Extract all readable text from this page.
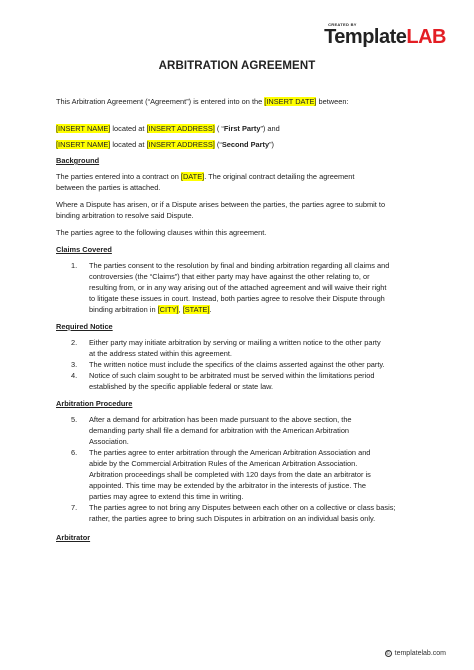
CREATED BY
TemplateLAB
ARBITRATION AGREEMENT

This Arbitration Agreement (“Agreement”) is entered into on the [INSERT DATE] between:

[INSERT NAME] located at [INSERT ADDRESS] ( “First Party”) and

[INSERT NAME] located at [INSERT ADDRESS] (“Second Party”)

Background

The parties entered into a contract on [DATE]. The original contract detailing the agreement
between the parties is attached.

Where a Dispute has arisen, or if a Dispute arises between the parties, the parties agree to submit to
binding arbitration to resolve said Dispute.

The parties agree to the following clauses within this agreement.

Claims Covered

1. The parties consent to the resolution by final and binding arbitration regarding all claims and
controversies (the “Claims”) that either party may have against the other relating to, or
resulting from, or in any way arising out of the attached agreement and will waive their right
to litigate these issues in court. Instead, both parties agree to resolve their Dispute through
binding arbitration in [CITY], [STATE].

Required Notice

2. Either party may initiate arbitration by serving or mailing a written notice to the other party
at the address stated within this agreement.
3. The written notice must include the specifics of the claims asserted against the other party.
4. Notice of such claim sought to be arbitrated must be served within the limitations period
established by the specific appliable federal or state law.

Arbitration Procedure

5. After a demand for arbitration has been made pursuant to the above section, the
demanding party shall file a demand for arbitration with the American Arbitration
Association.
6. The parties agree to enter arbitration through the American Arbitration Association and
abide by the Commercial Arbitration Rules of the American Arbitration Association.
Arbitration proceedings shall be completed with 120 days from the date an arbitrator is
appointed. This time may be extended by the arbitrator in the interests of justice. The
parties may agree to extend this time in writing.
7. The parties agree to not bring any Disputes between each other on a collective or class basis;
rather, the parties agree to bring such Disputes in arbitration on an individual basis only.

Arbitrator

© templatelab.com
